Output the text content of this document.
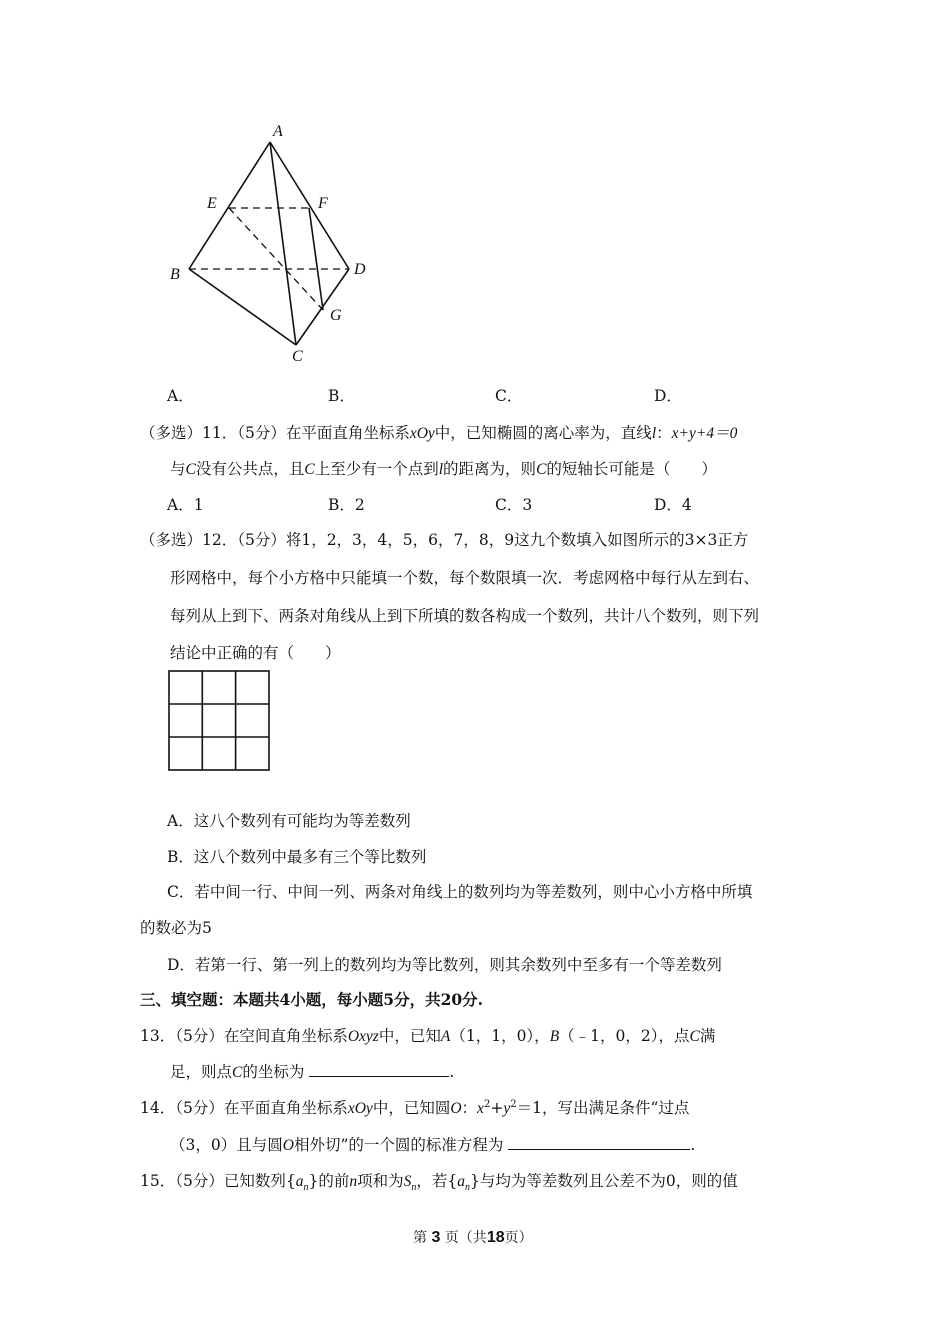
A
E	F
B	D
G
C
A．	B．	C．	D．
（多选）11．（5分）在平面直角坐标系xOy中，已知椭圆的离心率为，直线l：x+y+4＝0
与C没有公共点，且C上至少有一个点到l的距离为，则C的短轴长可能是（　　）
A．1	B．2	C．3	D．4
（多选）12．（5分）将1，2，3，4，5，6，7，8，9这九个数填入如图所示的3×3正方
形网格中，每个小方格中只能填一个数，每个数限填一次．考虑网格中每行从左到右、
每列从上到下、两条对角线从上到下所填的数各构成一个数列，共计八个数列，则下列
结论中正确的有（　　）
A．这八个数列有可能均为等差数列
B．这八个数列中最多有三个等比数列
C．若中间一行、中间一列、两条对角线上的数列均为等差数列，则中心小方格中所填
的数必为5
D．若第一行、第一列上的数列均为等比数列，则其余数列中至多有一个等差数列
三、填空题：本题共4小题，每小题5分，共20分.
13．（5分）在空间直角坐标系Oxyz中，已知A（1，1，0），B（﹣1，0，2），点C满
足，则点C的坐标为	.
14．（5分）在平面直角坐标系xOy中，已知圆O：$x^2+y^2=1$，写出满足条件“过点
（3，0）且与圆O相外切”的一个圆的标准方程为	.
15．（5分）已知数列$\{a_n\}$的前n项和为$S_n$，若$\{a_n\}$与均为等差数列且公差不为0，则的值
第 3 页（共18页）
